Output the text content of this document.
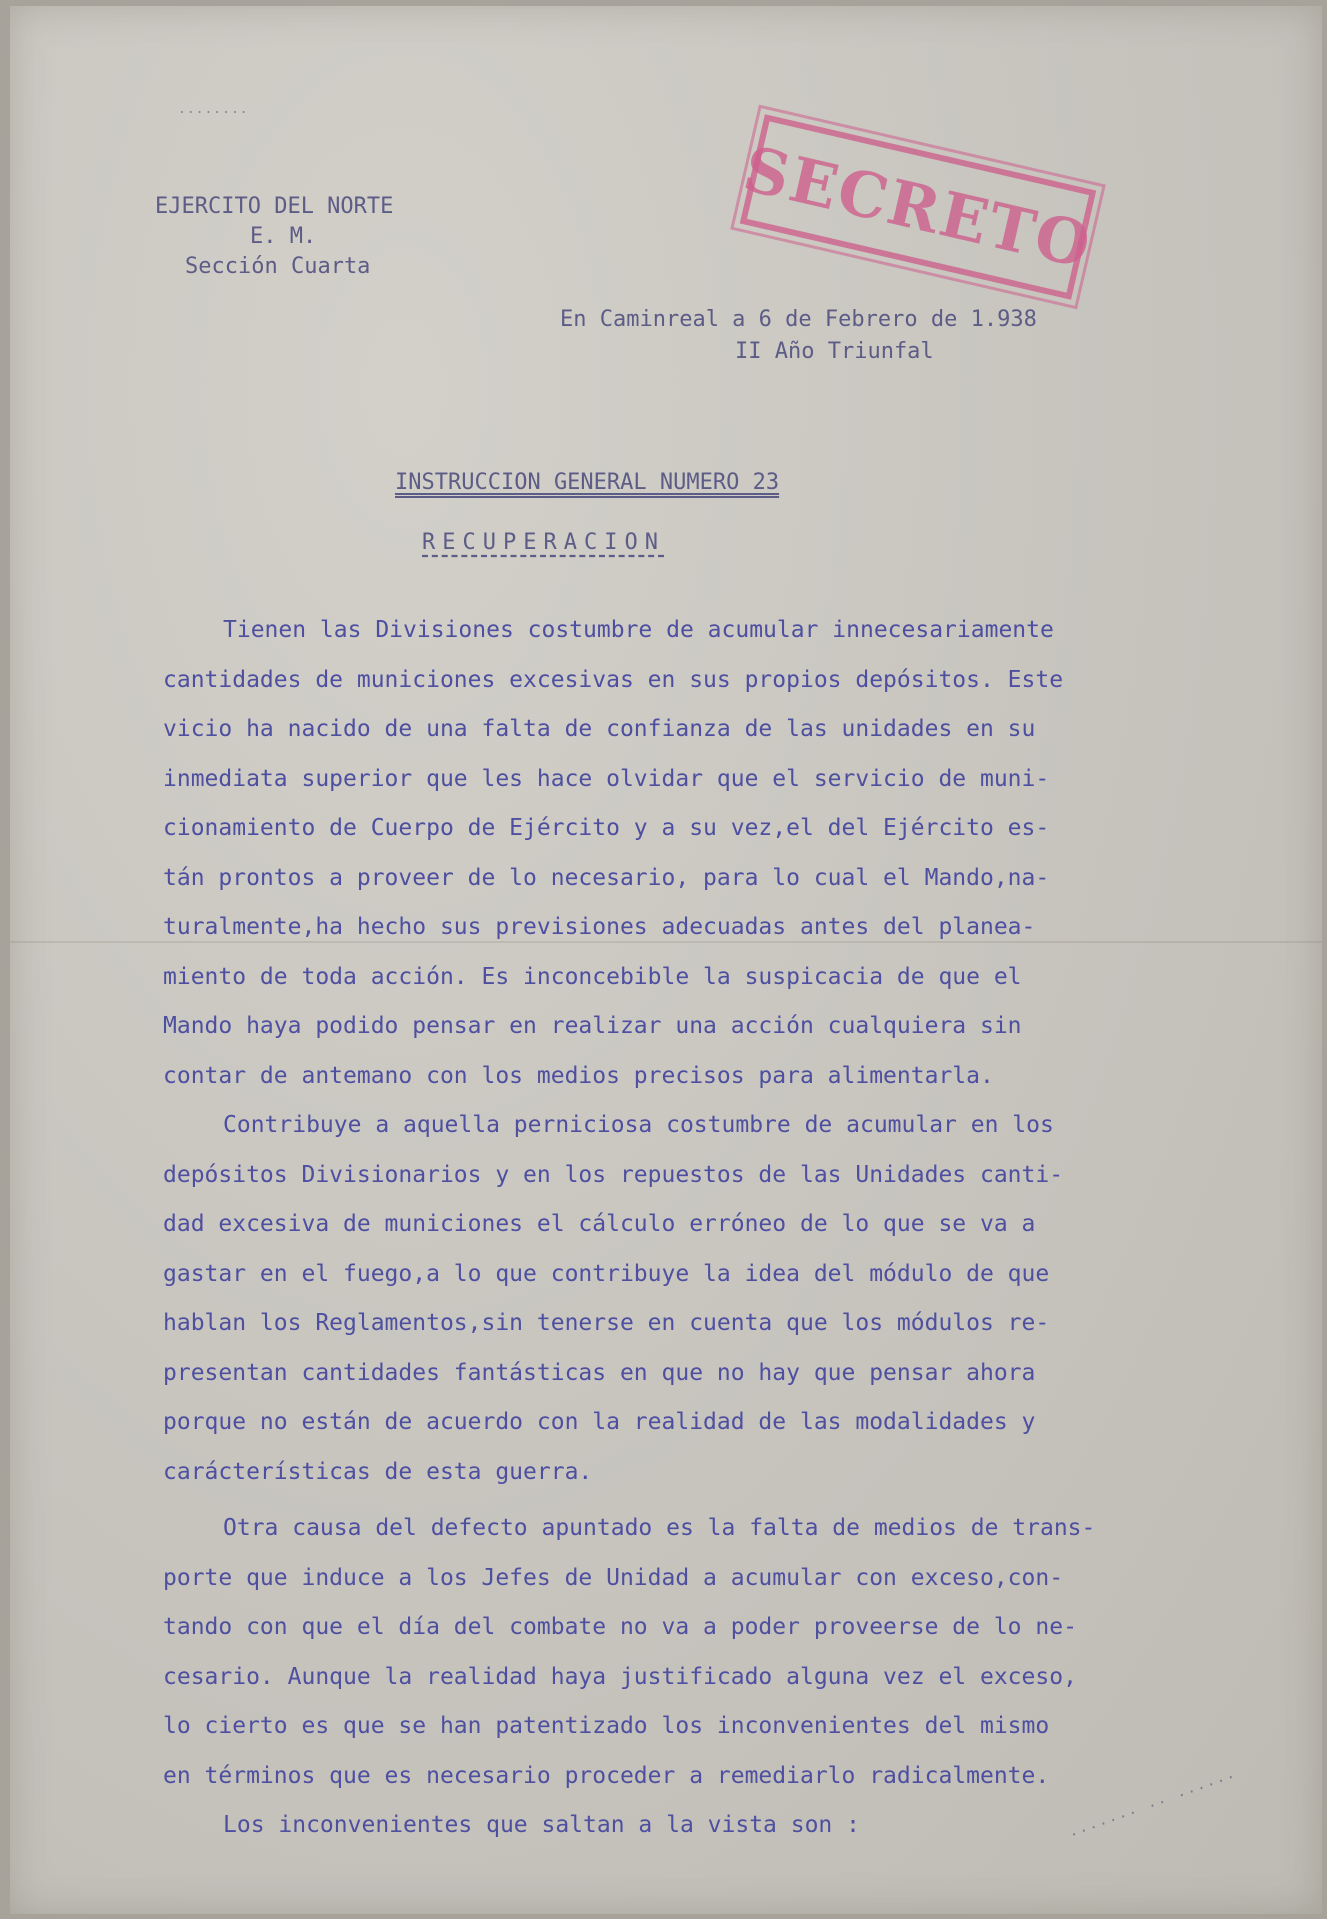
........
EJERCITO DEL NORTE
E. M.
Sección Cuarta	SECRETO
En Caminreal a 6 de Febrero de 1.938
II Año Triunfal
INSTRUCCION GENERAL NUMERO 23
RECUPERACION
Tienen las Divisiones costumbre de acumular innecesariamente
cantidades de municiones excesivas en sus propios depósitos. Este
vicio ha nacido de una falta de confianza de las unidades en su
inmediata superior que les hace olvidar que el servicio de muni-
cionamiento de Cuerpo de Ejército y a su vez,el del Ejército es-
tán prontos a proveer de lo necesario, para lo cual el Mando,na-
turalmente,ha hecho sus previsiones adecuadas antes del planea-
miento de toda acción. Es inconcebible la suspicacia de que el
Mando haya podido pensar en realizar una acción cualquiera sin
contar de antemano con los medios precisos para alimentarla.
Contribuye a aquella perniciosa costumbre de acumular en los
depósitos Divisionarios y en los repuestos de las Unidades canti-
dad excesiva de municiones el cálculo erróneo de lo que se va a
gastar en el fuego,a lo que contribuye la idea del módulo de que
hablan los Reglamentos,sin tenerse en cuenta que los módulos re-
presentan cantidades fantásticas en que no hay que pensar ahora
porque no están de acuerdo con la realidad de las modalidades y
carácterísticas de esta guerra.
Otra causa del defecto apuntado es la falta de medios de trans-
porte que induce a los Jefes de Unidad a acumular con exceso,con-
tando con que el día del combate no va a poder proveerse de lo ne-
cesario. Aunque la realidad haya justificado alguna vez el exceso,
lo cierto es que se han patentizado los inconvenientes del mismo
en términos que es necesario proceder a remediarlo radicalmente.
Los inconvenientes que saltan a la vista son :	....... .. ......
